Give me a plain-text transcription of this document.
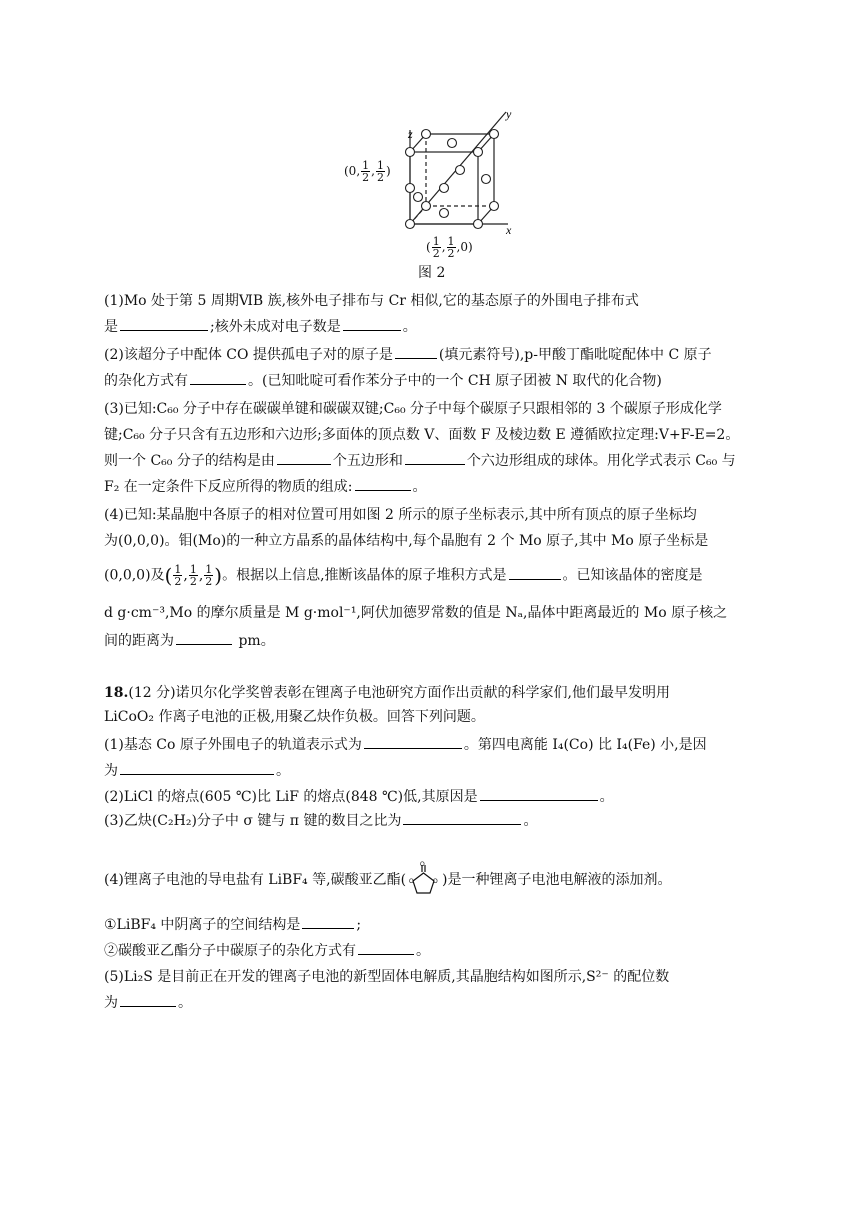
z
y
x
(0, $\frac{1}{2}$ , $\frac{1}{2}$ )
( $\frac{1}{2}$ , $\frac{1}{2} ,0$)
图 2
(1)Mo 处于第 5 周期ⅥB 族,核外电子排布与 Cr 相似,它的基态原子的外围电子排布式
是	;核外未成对电子数是	。
(2)该超分子中配体 CO 提供孤电子对的原子是	(填元素符号),p-甲酸丁酯吡啶配体中 C 原子
的杂化方式有	。(已知吡啶可看作苯分子中的一个 CH 原子团被 N 取代的化合物)
(3)已知:C₆₀ 分子中存在碳碳单键和碳碳双键;C₆₀ 分子中每个碳原子只跟相邻的 3 个碳原子形成化学
键;C₆₀ 分子只含有五边形和六边形;多面体的顶点数 V、面数 F 及棱边数 E 遵循欧拉定理:V+F-E=2。
则一个 C₆₀ 分子的结构是由	个五边形和	个六边形组成的球体。用化学式表示 C₆₀ 与
F₂ 在一定条件下反应所得的物质的组成:	。
(4)已知:某晶胞中各原子的相对位置可用如图 2 所示的原子坐标表示,其中所有顶点的原子坐标均
为(0,0,0)。钼(Mo)的一种立方晶系的晶体结构中,每个晶胞有 2 个 Mo 原子,其中 Mo 原子坐标是
(0,0,0)及( $\frac{1}{2}$ , $\frac{1}{2}$ , $\frac{1}{2}$ )。根据以上信息,推断该晶体的原子堆积方式是	。已知该晶体的密度是
d g·cm⁻³,Mo 的摩尔质量是 M g·mol⁻¹,阿伏加德罗常数的值是 Nₐ,晶体中距离最近的 Mo 原子核之
间的距离为	pm。
18.(12 分)诺贝尔化学奖曾表彰在锂离子电池研究方面作出贡献的科学家们,他们最早发明用
LiCoO₂ 作离子电池的正极,用聚乙炔作负极。回答下列问题。
(1)基态 Co 原子外围电子的轨道表示式为	。第四电离能 I₄(Co) 比 I₄(Fe) 小,是因
为	。
(2)LiCl 的熔点(605 ℃)比 LiF 的熔点(848 ℃)低,其原因是	。
(3)乙炔(C₂H₂)分子中 σ 键与 π 键的数目之比为	。
(4)锂离子电池的导电盐有 LiBF₄ 等,碳酸亚乙酯(
O
O	O )是一种锂离子电池电解液的添加剂。
①LiBF₄ 中阴离子的空间结构是	;
②碳酸亚乙酯分子中碳原子的杂化方式有	。
(5)Li₂S 是目前正在开发的锂离子电池的新型固体电解质,其晶胞结构如图所示,S²⁻ 的配位数
为	。
